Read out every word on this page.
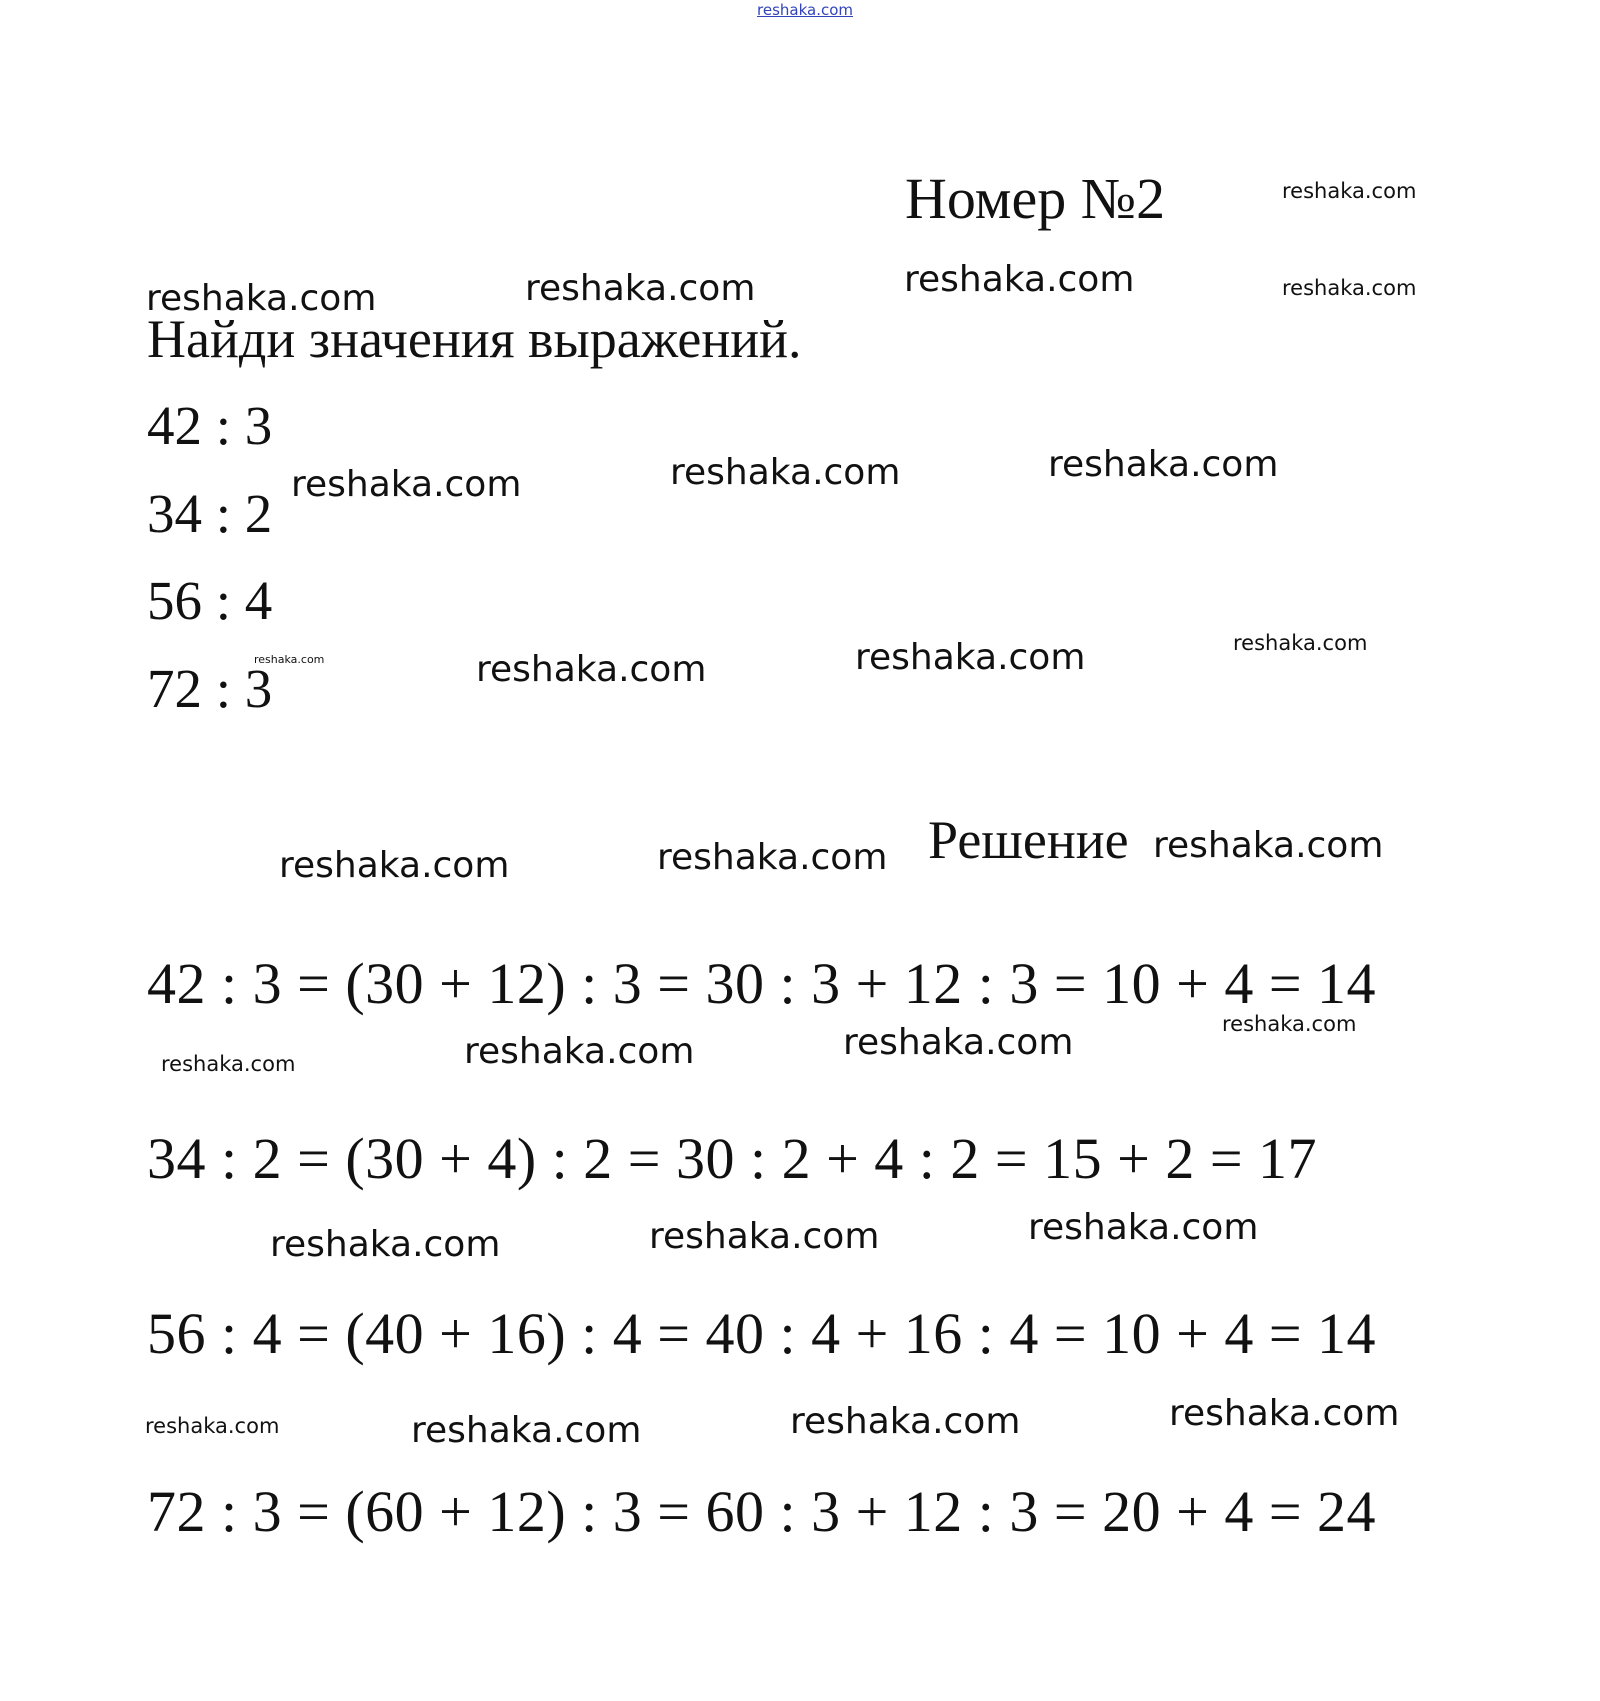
reshaka.com
Номер №2
Найди значения выражений.
42 : 3
34 : 2
56 : 4
72 : 3
Решение
42 : 3 = (30 + 12) : 3 = 30 : 3 + 12 : 3 = 10 + 4 = 14
34 : 2 = (30 + 4) : 2 = 30 : 2 + 4 : 2 = 15 + 2 = 17
56 : 4 = (40 + 16) : 4 = 40 : 4 + 16 : 4 = 10 + 4 = 14
72 : 3 = (60 + 12) : 3 = 60 : 3 + 12 : 3 = 20 + 4 = 24
reshaka.com
reshaka.com	reshaka.com	reshaka.com	reshaka.com
reshaka.com	reshaka.com	reshaka.com
reshaka.com	reshaka.com	reshaka.com	reshaka.com
reshaka.com	reshaka.com	reshaka.com
reshaka.com	reshaka.com	reshaka.com	reshaka.com
reshaka.com	reshaka.com	reshaka.com
reshaka.com	reshaka.com	reshaka.com	reshaka.com
